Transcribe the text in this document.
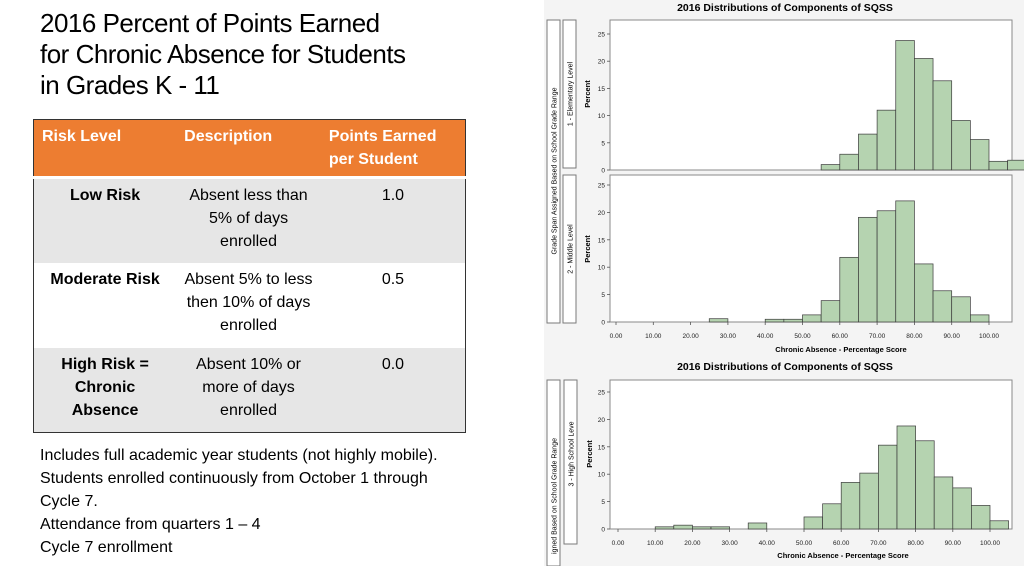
2016 Percent of Points Earned
for Chronic Absence for Students
in Grades K - 11
Risk Level	Description	Points Earned per Student
Low Risk	Absent less than 5% of days enrolled	1.0
Moderate Risk	Absent 5% to less then 10% of days enrolled	0.5
High Risk = Chronic Absence	Absent 10% or more of days enrolled	0.0
Includes full academic year students (not highly mobile).
Students enrolled continuously from October 1 through
Cycle 7.
Attendance from quarters 1 – 4
Cycle 7 enrollment
2016 Distributions of Components of SQSS
Grade Span Assigned Based on School Grade Range 1 - Elementary Level
2 - Middle Level
Percent
Percent
Chronic Absence - Percentage Score
0
5
10
15
20
25
0
5
10
15
20
25
0.00	10.00	20.00	30.00	40.00	50.00	60.00	70.00	80.00	90.00	100.00
2016 Distributions of Components of SQSS
igned Based on School Grade Range 3 - High School Leve Percent
Chronic Absence - Percentage Score
0
5
10
15
20
25
0.00	10.00	20.00	30.00	40.00	50.00	60.00	70.00	80.00	90.00	100.00
